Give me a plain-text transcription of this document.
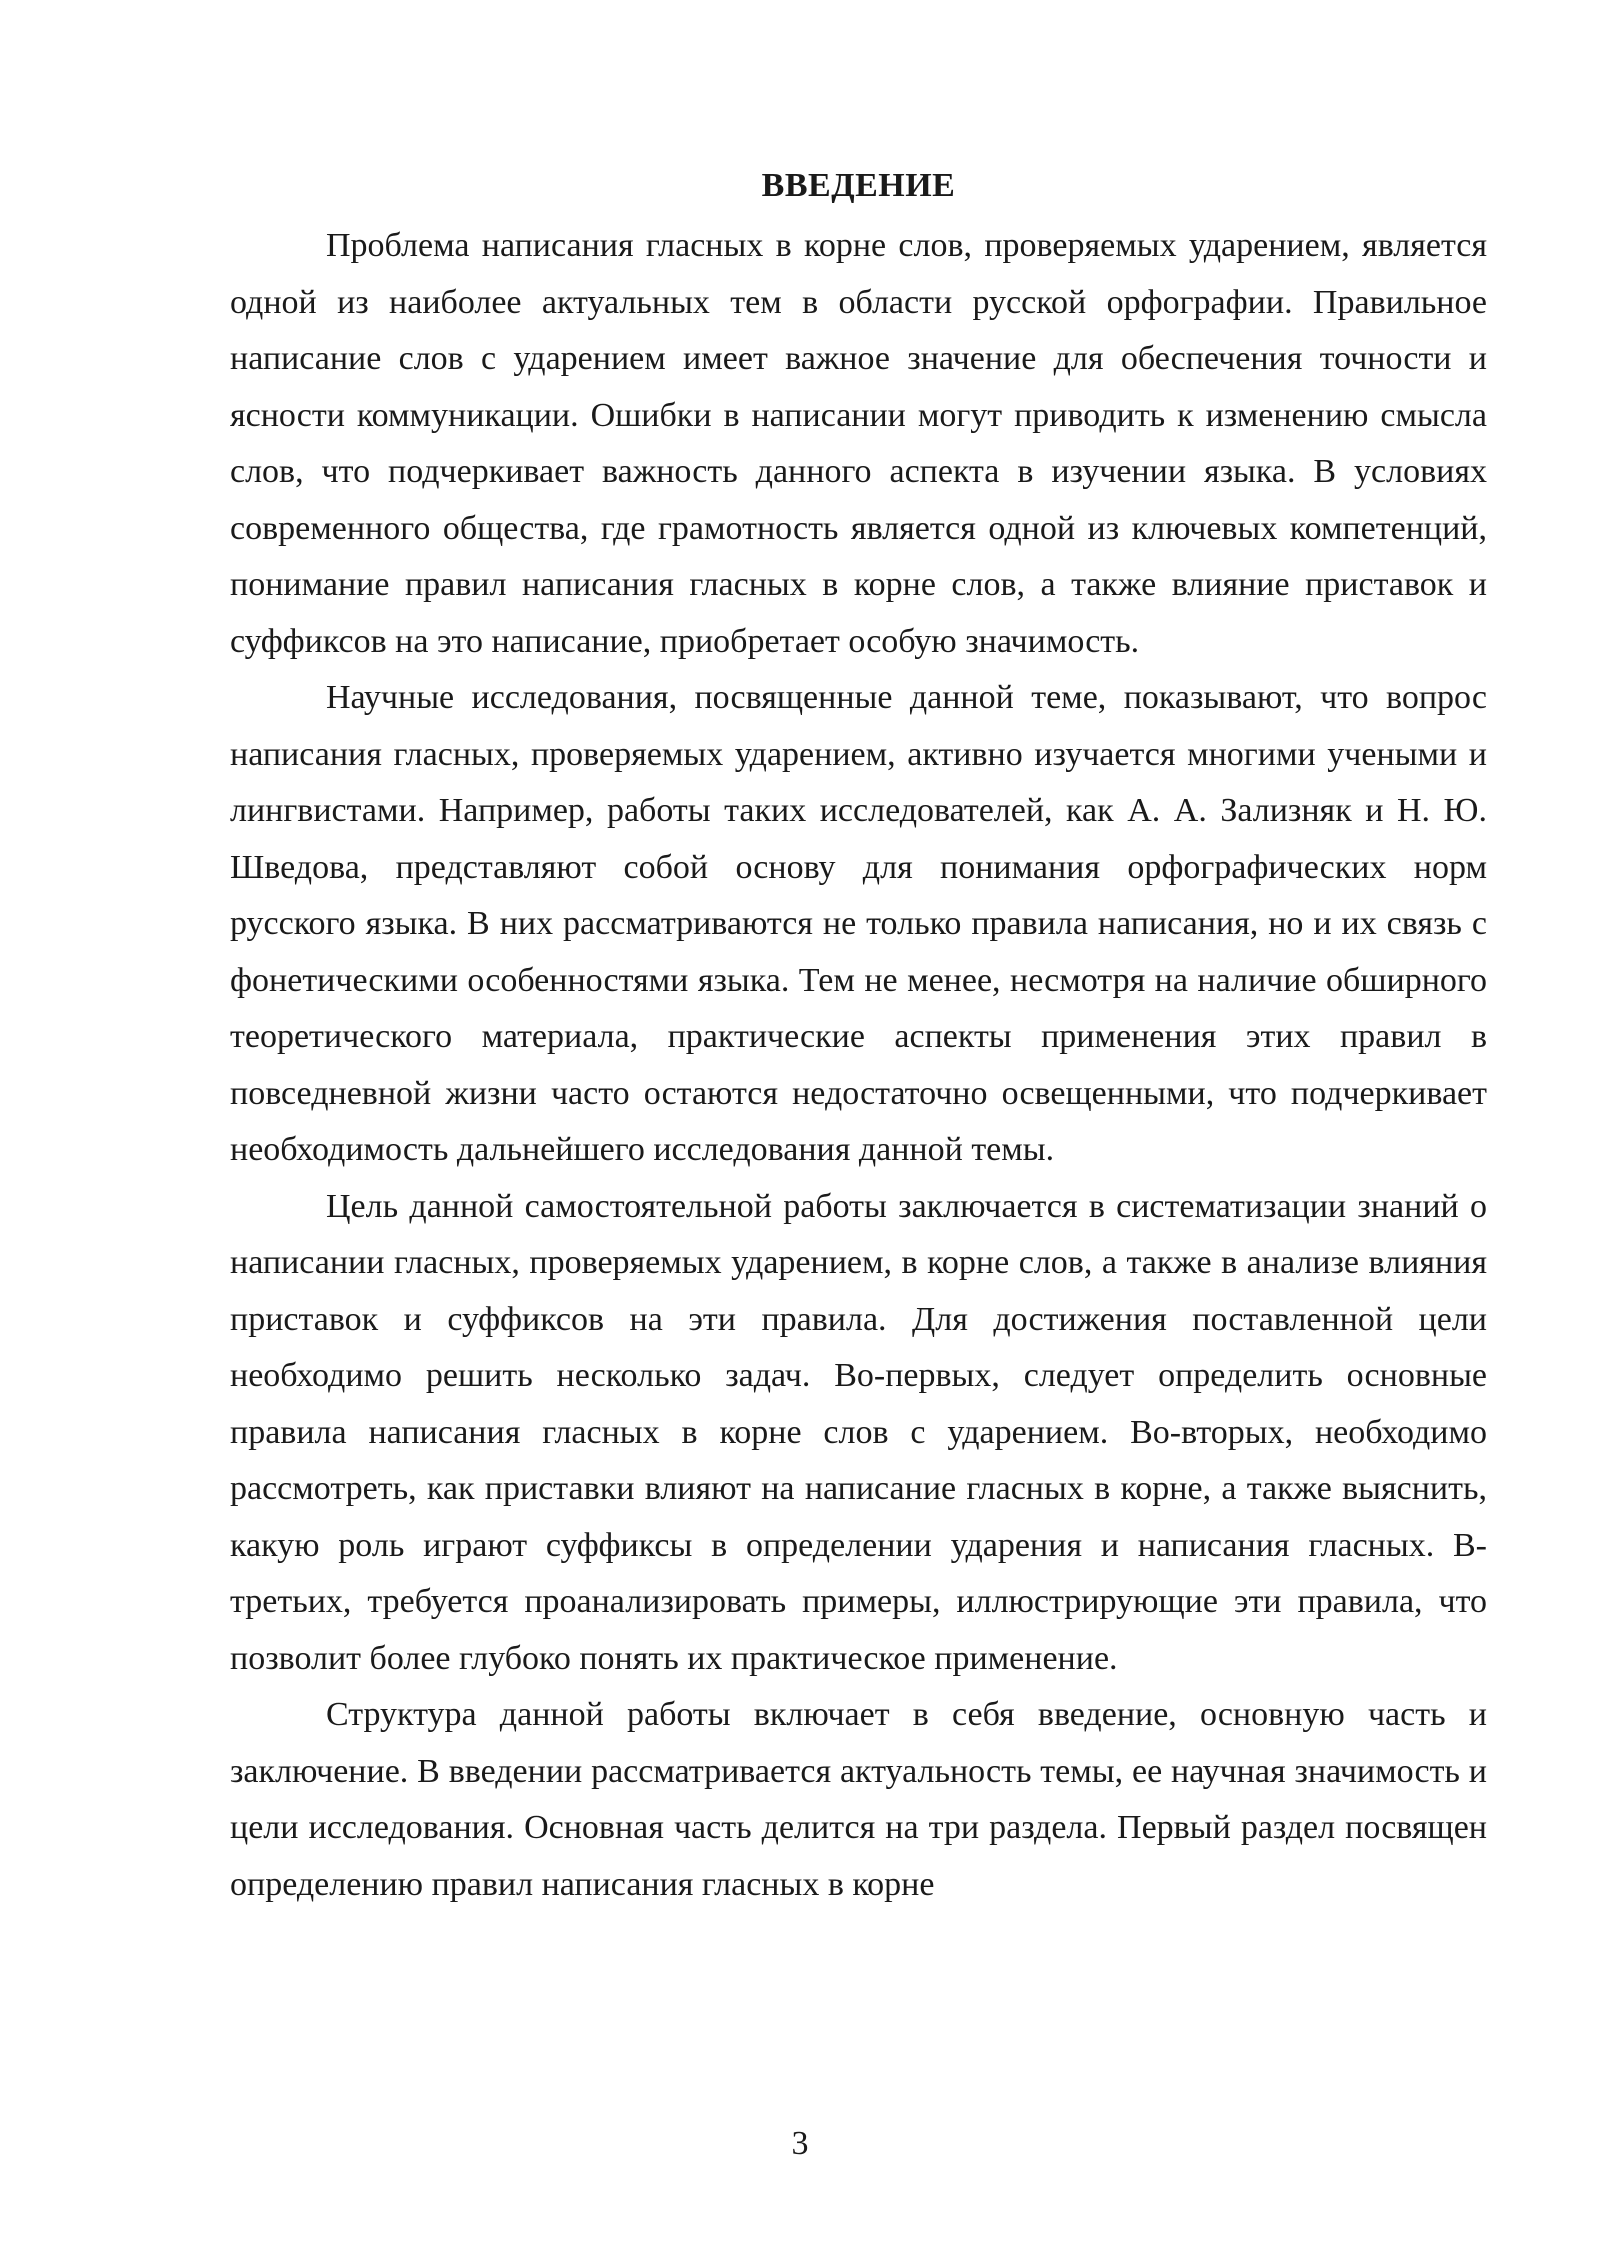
ВВЕДЕНИЕ

Проблема написания гласных в корне слов, проверяемых ударением, является одной из наиболее актуальных тем в области русской орфографии. Правильное написание слов с ударением имеет важное значение для обеспечения точности и ясности коммуникации. Ошибки в написании могут приводить к изменению смысла слов, что подчеркивает важность данного аспекта в изучении языка. В условиях современного общества, где грамотность является одной из ключевых компетенций, понимание правил написания гласных в корне слов, а также влияние приставок и суффиксов на это написание, приобретает особую значимость.

Научные исследования, посвященные данной теме, показывают, что вопрос написания гласных, проверяемых ударением, активно изучается многими учеными и лингвистами. Например, работы таких исследователей, как А. А. Зализняк и Н. Ю. Шведова, представляют собой основу для понимания орфографических норм русского языка. В них рассматриваются не только правила написания, но и их связь с фонетическими особенностями языка. Тем не менее, несмотря на наличие обширного теоретического материала, практические аспекты применения этих правил в повседневной жизни часто остаются недостаточно освещенными, что подчеркивает необходимость дальнейшего исследования данной темы.

Цель данной самостоятельной работы заключается в систематизации знаний о написании гласных, проверяемых ударением, в корне слов, а также в анализе влияния приставок и суффиксов на эти правила. Для достижения поставленной цели необходимо решить несколько задач. Во-первых, следует определить основные правила написания гласных в корне слов с ударением. Во-вторых, необходимо рассмотреть, как приставки влияют на написание гласных в корне, а также выяснить, какую роль играют суффиксы в определении ударения и написания гласных. В-третьих, требуется проанализировать примеры, иллюстрирующие эти правила, что позволит более глубоко понять их практическое применение.

Структура данной работы включает в себя введение, основную часть и заключение. В введении рассматривается актуальность темы, ее научная значимость и цели исследования. Основная часть делится на три раздела. Первый раздел посвящен определению правил написания гласных в корне

3
